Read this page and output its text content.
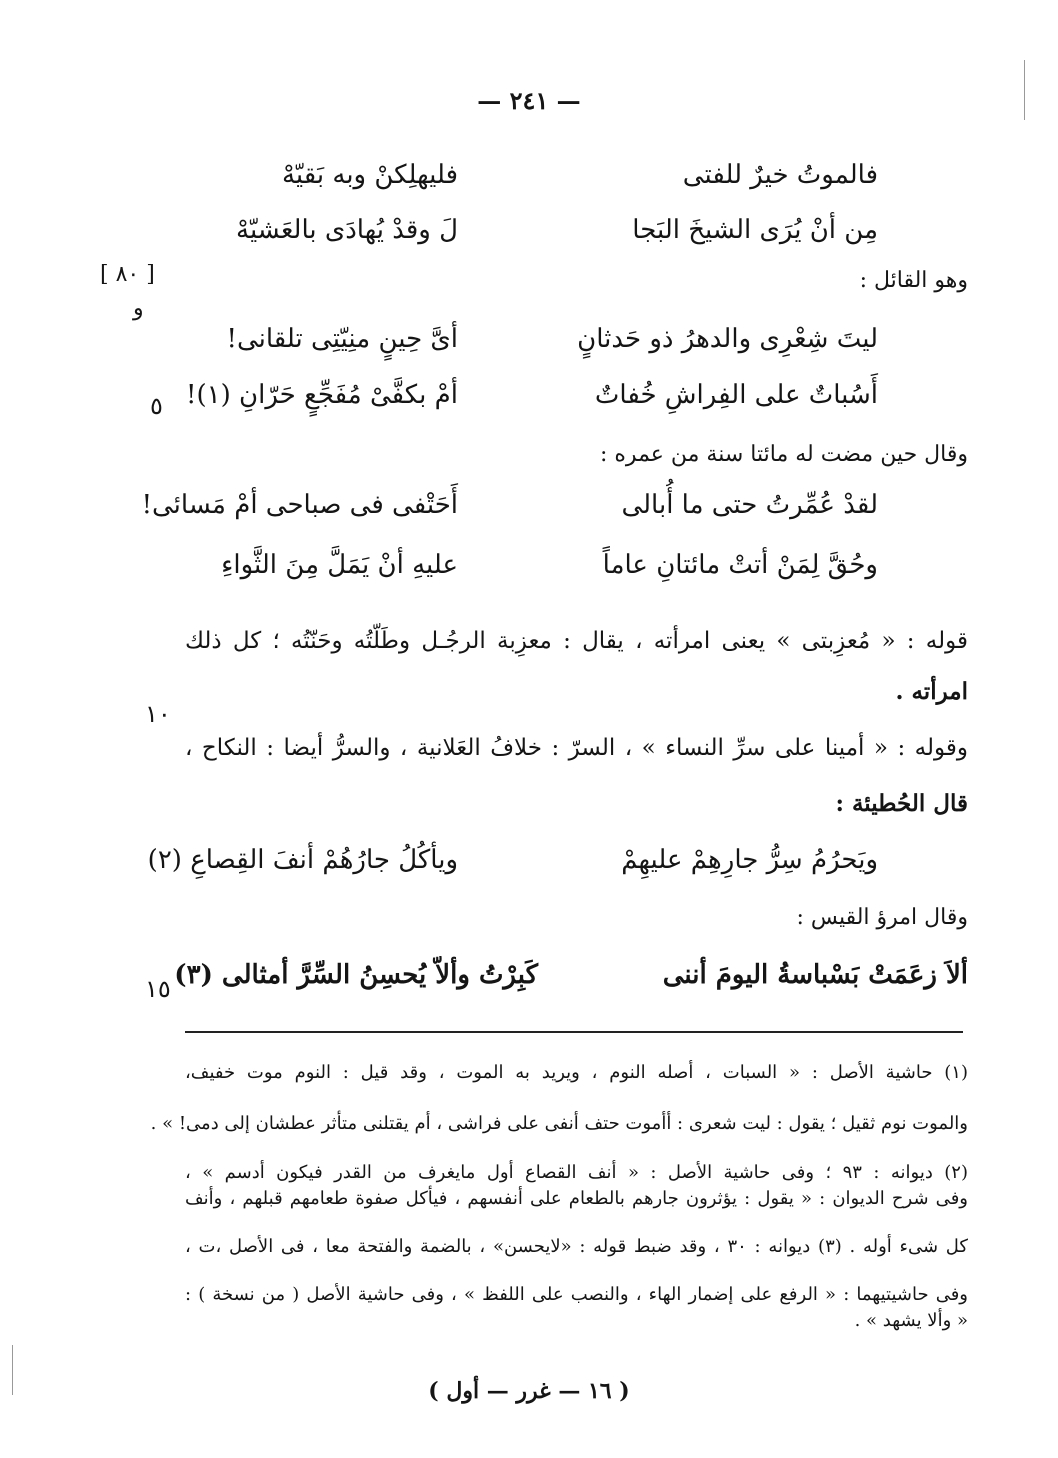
— ٢٤١ —
فالموتُ خيرٌ للفتى
فليهلِكنْ وبه بَقيّهْ
مِن أنْ يُرَى الشيخَ البَجا
لَ وقدْ يُهادَى بالعَشيّهْ
[ ٨٠ ]
و
وهو القائل :
ليتَ شِعْرِى والدهرُ ذو حَدثانٍ
أىَّ حِينٍ منِيّتِى تلقانى!
أَسُباتٌ على الفِراشِ خُفاتٌ
أمْ بكفَّىْ مُفَجِّعٍ حَرّانِ (١)!
٥
وقال حين مضت له مائتا سنة من عمره :
لقدْ عُمِّرتُ حتى ما أُبالى
أَحَتْفى فى صباحى أمْ مَسائى!
وحُقَّ لِمَنْ أتتْ مائتانِ عاماً
عليهِ أنْ يَمَلَّ مِنَ الثَّواءِ
قوله : « مُعزِبتى » يعنى امرأته ، يقال : معزِبة الرجُـل وطَلّتُه وحَنّتُه ؛ كل ذلك
امرأته .
١٠
وقوله : « أمينا على سرِّ النساء » ، السرّ : خلافُ العَلانية ، والسرُّ أيضا : النكاح ،
قال الحُطيئة :
ويَحرُمُ سِرُّ جارِهِمْ عليهِمْ
ويأكُلُ جارُهُمْ أنفَ القِصاعِ (٢)
وقال امرؤ القيس :
ألاَ زعَمَتْ بَسْباسةُ اليومَ أننى
كَبِرْتُ وألاّ يُحسِنُ السِّرَّ أمثالى (٣)
١٥
(١) حاشية الأصل : « السبات ، أصله النوم ، ويريد به الموت ، وقد قيل : النوم موت خفيف،
والموت نوم ثقيل ؛ يقول : ليت شعرى : أأموت حتف أنفى على فراشى ، أم يقتلنى متأثر عطشان إلى دمى! » .
(٢) ديوانه : ٩٣ ؛ وفى حاشية الأصل : « أنف القصاع أول مايغرف من القدر فيكون أدسم » ،
وفى شرح الديوان : « يقول : يؤثرون جارهم بالطعام على أنفسهم ، فيأكل صفوة طعامهم قبلهم ، وأنف
كل شىء أوله . (٣) ديوانه : ٣٠ ، وقد ضبط قوله : «لايحسن» ، بالضمة والفتحة معا ، فى الأصل ،ت ،
وفى حاشيتيهما : « الرفع على إضمار الهاء ، والنصب على اللفظ » ، وفى حاشية الأصل ( من نسخة ) :
« وألا يشهد » .
( ١٦ — غرر — أول )
